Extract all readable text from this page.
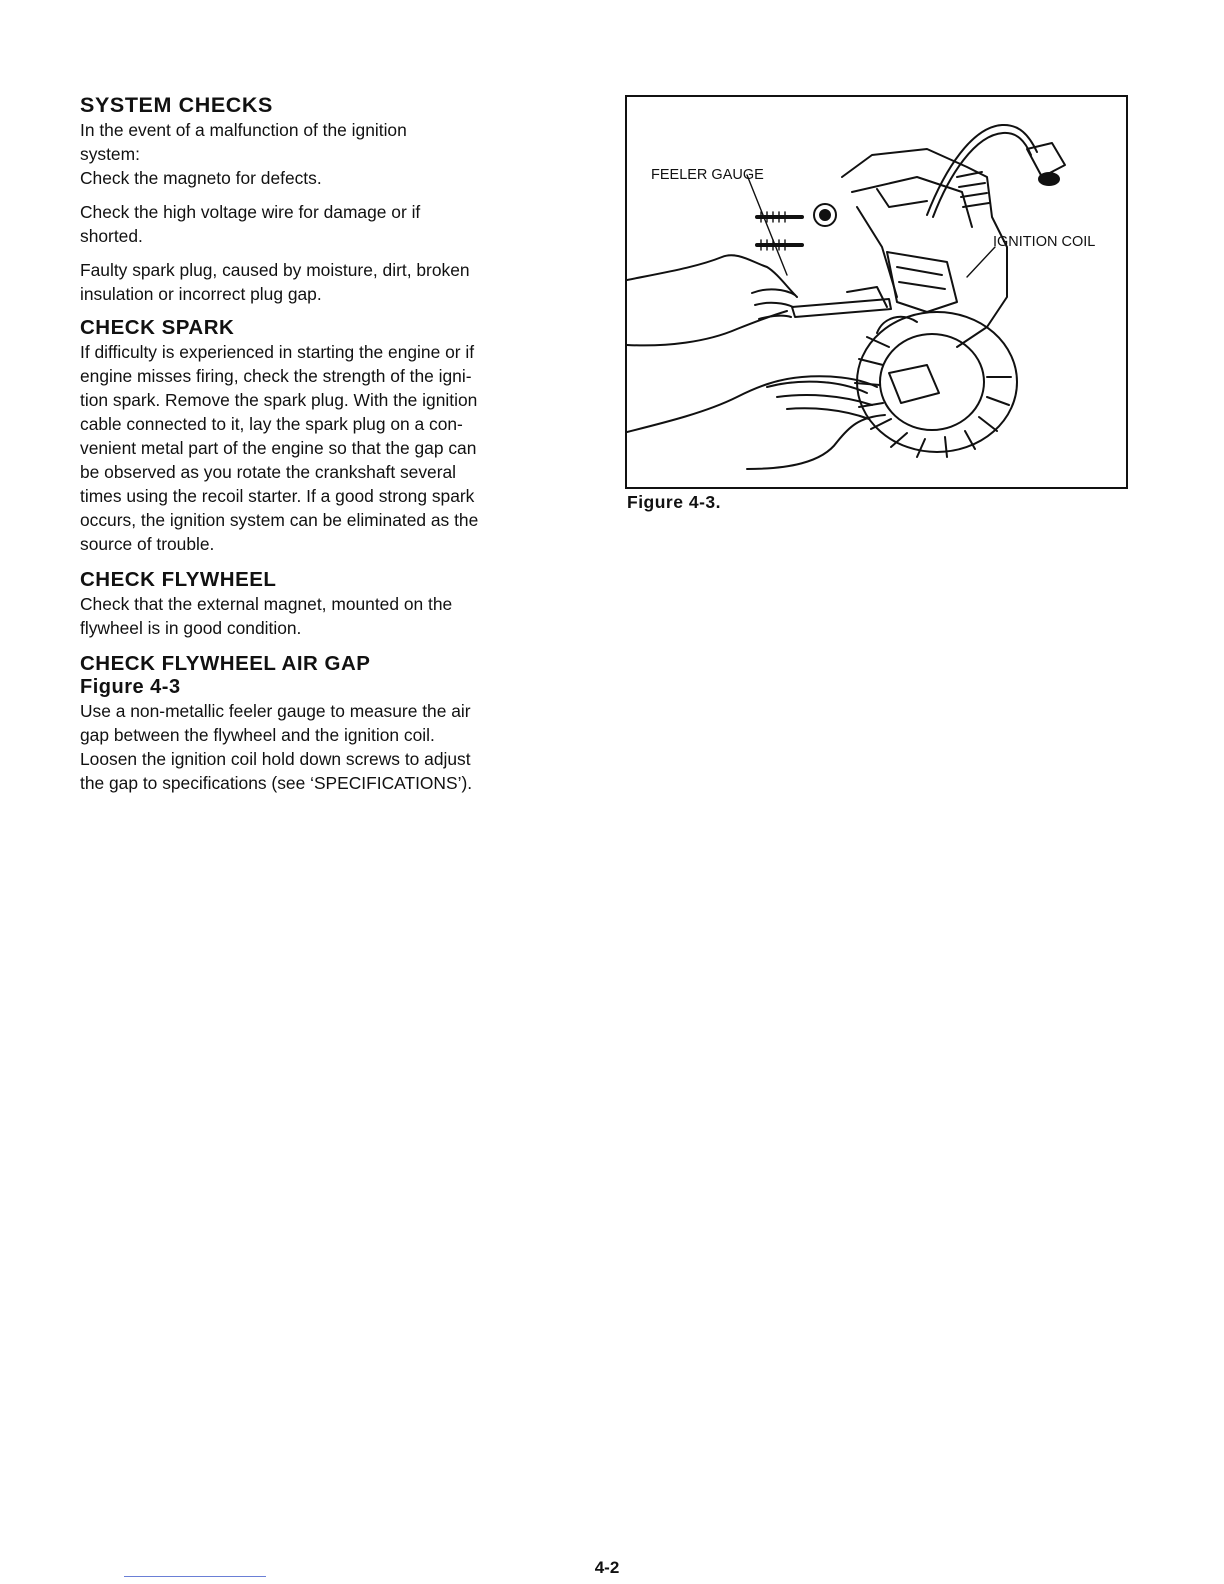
SYSTEM CHECKS

In the event of a malfunction of the ignition

system:

Check the magneto for defects.

Check the high voltage wire for damage or if

shorted.

Faulty spark plug, caused by moisture, dirt, broken

insulation or incorrect plug gap.

CHECK SPARK

If difficulty is experienced in starting the engine or if

engine misses firing, check the strength of the igni-

tion spark. Remove the spark plug. With the ignition

cable connected to it, lay the spark plug on a con-

venient metal part of the engine so that the gap can

be observed as you rotate the crankshaft several

times using the recoil starter. If a good strong spark

occurs, the ignition system can be eliminated as the

source of trouble.

CHECK FLYWHEEL

Check that the external magnet, mounted on the

flywheel is in good condition.

CHECK FLYWHEEL AIR GAP
Figure 4-3

Use a non-metallic feeler gauge to measure the air

gap between the flywheel and the ignition coil.

Loosen the ignition coil hold down screws to adjust

the gap to specifications (see ‘SPECIFICATIONS’).

FEELER GAUGE
IGNITION COIL
Figure 4-3.
4-2
